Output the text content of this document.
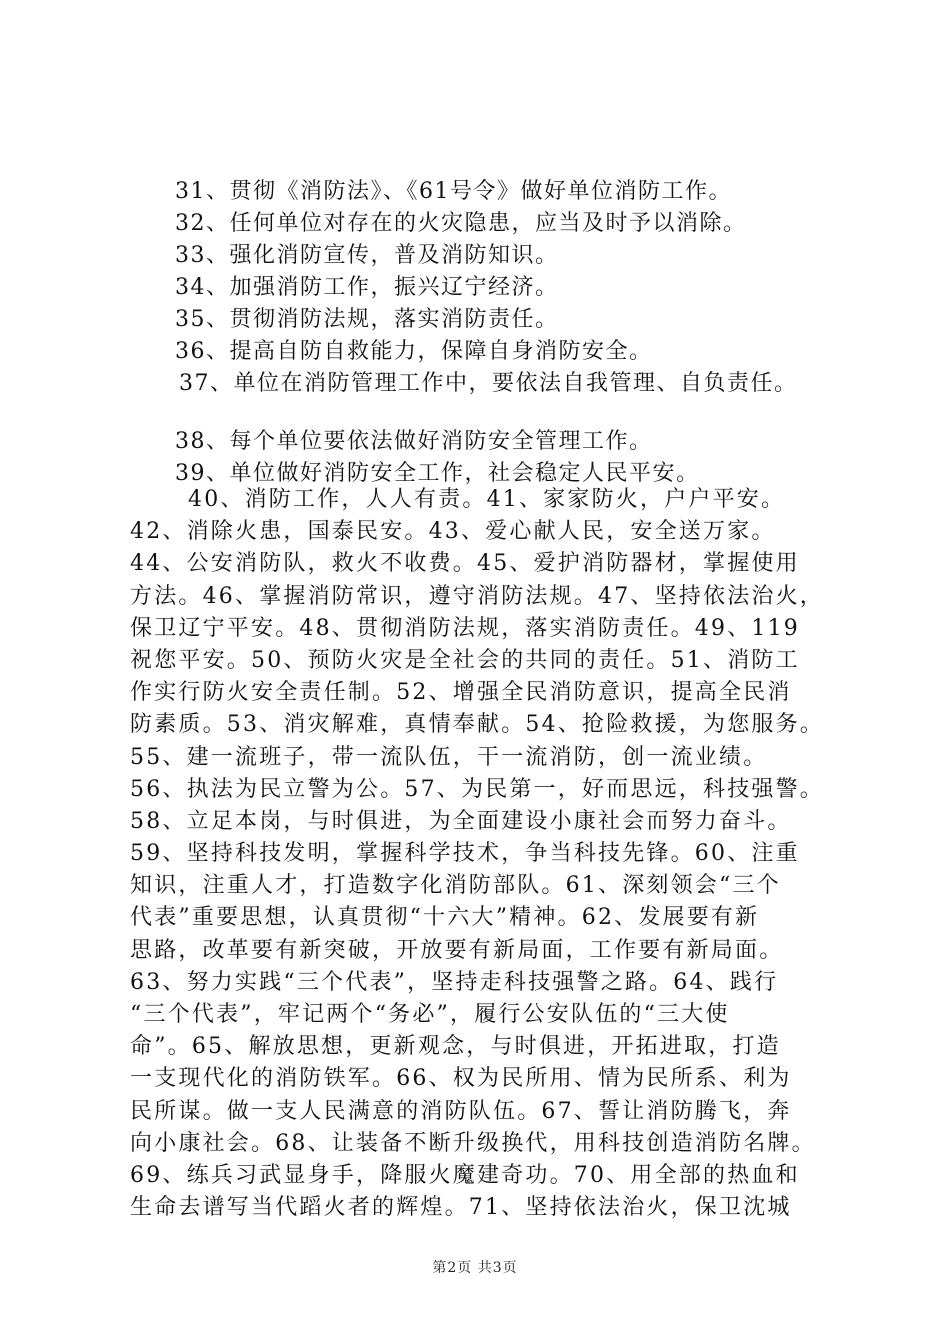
31、贯彻《消防法》、《61号令》做好单位消防工作。
32、任何单位对存在的火灾隐患，应当及时予以消除。
33、强化消防宣传，普及消防知识。
34、加强消防工作，振兴辽宁经济。
35、贯彻消防法规，落实消防责任。
36、提高自防自救能力，保障自身消防安全。
37、单位在消防管理工作中，要依法自我管理、自负责任。
38、每个单位要依法做好消防安全管理工作。
39、单位做好消防安全工作，社会稳定人民平安。
40、消防工作，人人有责。41、家家防火，户户平安。
42、消除火患，国泰民安。43、爱心献人民，安全送万家。
44、公安消防队，救火不收费。45、爱护消防器材，掌握使用
方法。46、掌握消防常识，遵守消防法规。47、坚持依法治火，
保卫辽宁平安。48、贯彻消防法规，落实消防责任。49、119
祝您平安。50、预防火灾是全社会的共同的责任。51、消防工
作实行防火安全责任制。52、增强全民消防意识，提高全民消
防素质。53、消灾解难，真情奉献。54、抢险救援，为您服务。
55、建一流班子，带一流队伍，干一流消防，创一流业绩。
56、执法为民立警为公。57、为民第一，好而思远，科技强警。
58、立足本岗，与时俱进，为全面建设小康社会而努力奋斗。
59、坚持科技发明，掌握科学技术，争当科技先锋。60、注重
知识，注重人才，打造数字化消防部队。61、深刻领会“三个
代表”重要思想，认真贯彻“十六大”精神。62、发展要有新
思路，改革要有新突破，开放要有新局面，工作要有新局面。
63、努力实践“三个代表”，坚持走科技强警之路。64、践行
“三个代表”，牢记两个“务必”，履行公安队伍的“三大使
命”。65、解放思想，更新观念，与时俱进，开拓进取，打造
一支现代化的消防铁军。66、权为民所用、情为民所系、利为
民所谋。做一支人民满意的消防队伍。67、誓让消防腾飞，奔
向小康社会。68、让装备不断升级换代，用科技创造消防名牌。
69、练兵习武显身手，降服火魔建奇功。70、用全部的热血和
生命去谱写当代蹈火者的辉煌。71、坚持依法治火，保卫沈城
第2页 共3页
